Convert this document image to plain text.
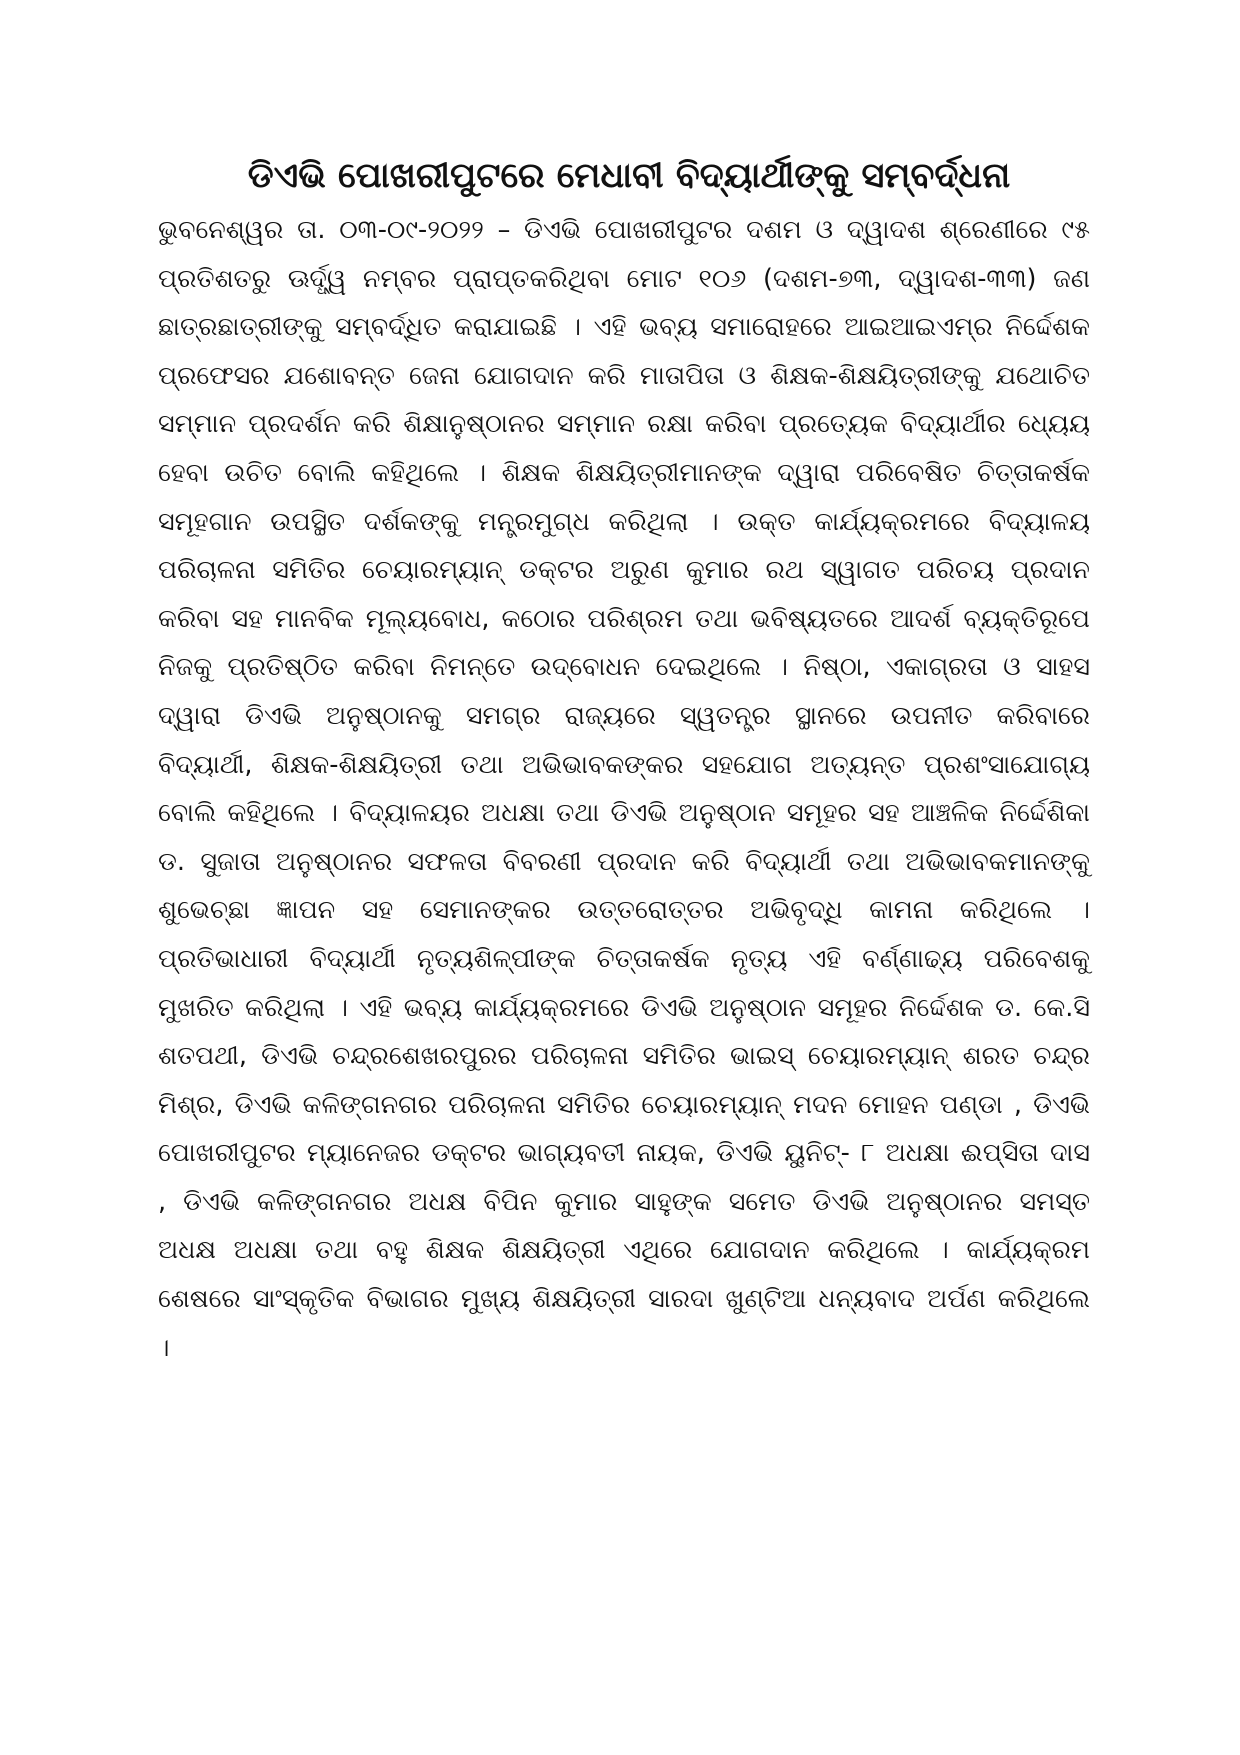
ଡିଏଭି ପୋଖରୀପୁଟରେ ମେଧାବୀ ବିଦ୍ୟାର୍ଥୀଙ୍କୁ ସମ୍ବର୍ଦ୍ଧନା

ଭୁବନେଶ୍ୱର ତା. ୦୩-୦୯-୨୦୨୨ – ଡିଏଭି ପୋଖରୀପୁଟର ଦଶମ ଓ ଦ୍ୱାଦଶ ଶ୍ରେଣୀରେ ୯୫ ପ୍ରତିଶତରୁ ଊର୍ଦ୍ଧ୍ୱ ନମ୍ବର ପ୍ରାପ୍ତକରିଥିବା ମୋଟ ୧୦୬ (ଦଶମ-୭୩, ଦ୍ୱାଦଶ-୩୩) ଜଣ ଛାତ୍ରଛାତ୍ରୀଙ୍କୁ ସମ୍ବର୍ଦ୍ଧିତ କରାଯାଇଛି । ଏହି ଭବ୍ୟ ସମାରୋହରେ ଆଇଆଇଏମ୍‌ର ନିର୍ଦ୍ଦେଶକ ପ୍ରଫେସର ଯଶୋବନ୍ତ ଜେନା ଯୋଗଦାନ କରି ମାତାପିତା ଓ ଶିକ୍ଷକ-ଶିକ୍ଷୟିତ୍ରୀଙ୍କୁ ଯଥୋଚିତ ସମ୍ମାନ ପ୍ରଦର୍ଶନ କରି ଶିକ୍ଷାନୁଷ୍ଠାନର ସମ୍ମାନ ରକ୍ଷା କରିବା ପ୍ରତ୍ୟେକ ବିଦ୍ୟାର୍ଥୀର ଧ୍ୟେୟ ହେବା ଉଚିତ ବୋଲି କହିଥିଲେ । ଶିକ୍ଷକ ଶିକ୍ଷୟିତ୍ରୀମାନଙ୍କ ଦ୍ୱାରା ପରିବେଷିତ ଚିତ୍ତାକର୍ଷକ ସମୂହଗାନ ଉପସ୍ଥିତ ଦର୍ଶକଙ୍କୁ ମନ୍ତ୍ରମୁଗ୍ଧ କରିଥିଲା । ଉକ୍ତ କାର୍ଯ୍ୟକ୍ରମରେ ବିଦ୍ୟାଳୟ ପରିଚାଳନା ସମିତିର ଚେୟାରମ୍ୟାନ୍ ଡକ୍ଟର ଅରୁଣ କୁମାର ରଥ ସ୍ୱାଗତ ପରିଚୟ ପ୍ରଦାନ କରିବା ସହ ମାନବିକ ମୂଲ୍ୟବୋଧ, କଠୋର ପରିଶ୍ରମ ତଥା ଭବିଷ୍ୟତରେ ଆଦର୍ଶ ବ୍ୟକ୍ତିରୂପେ ନିଜକୁ ପ୍ରତିଷ୍ଠିତ କରିବା ନିମନ୍ତେ ଉଦ୍‌ବୋଧନ ଦେଇଥିଲେ । ନିଷ୍ଠା, ଏକାଗ୍ରତା ଓ ସାହସ ଦ୍ୱାରା ଡିଏଭି ଅନୁଷ୍ଠାନକୁ ସମଗ୍ର ରାଜ୍ୟରେ ସ୍ୱତନ୍ତ୍ର ସ୍ଥାନରେ ଉପନୀତ କରିବାରେ ବିଦ୍ୟାର୍ଥୀ, ଶିକ୍ଷକ-ଶିକ୍ଷୟିତ୍ରୀ ତଥା ଅଭିଭାବକଙ୍କର ସହଯୋଗ ଅତ୍ୟନ୍ତ ପ୍ରଶଂସାଯୋଗ୍ୟ ବୋଲି କହିଥିଲେ । ବିଦ୍ୟାଳୟର ଅଧକ୍ଷା ତଥା ଡିଏଭି ଅନୁଷ୍ଠାନ ସମୂହର ସହ ଆଞ୍ଚଳିକ ନିର୍ଦ୍ଦେଶିକା ଡ. ସୁଜାତା ଅନୁଷ୍ଠାନର ସଫଳତା ବିବରଣୀ ପ୍ରଦାନ କରି ବିଦ୍ୟାର୍ଥୀ ତଥା ଅଭିଭାବକମାନଙ୍କୁ ଶୁଭେଚ୍ଛା ଜ୍ଞାପନ ସହ ସେମାନଙ୍କର ଉତ୍ତରୋତ୍ତର ଅଭିବୃଦ୍ଧି କାମନା କରିଥିଲେ । ପ୍ରତିଭାଧାରୀ ବିଦ୍ୟାର୍ଥୀ ନୃତ୍ୟଶିଳ୍ପୀଙ୍କ ଚିତ୍ତାକର୍ଷକ ନୃତ୍ୟ ଏହି ବର୍ଣ୍ଣାଢ୍ୟ ପରିବେଶକୁ ମୁଖରିତ କରିଥିଲା । ଏହି ଭବ୍ୟ କାର୍ଯ୍ୟକ୍ରମରେ ଡିଏଭି ଅନୁଷ୍ଠାନ ସମୂହର ନିର୍ଦ୍ଦେଶକ ଡ. କେ.ସି ଶତପଥୀ, ଡିଏଭି ଚନ୍ଦ୍ରଶେଖରପୁରର ପରିଚାଳନା ସମିତିର ଭାଇସ୍ ଚେୟାରମ୍ୟାନ୍ ଶରତ ଚନ୍ଦ୍ର ମିଶ୍ର, ଡିଏଭି କଳିଙ୍ଗନଗର ପରିଚାଳନା ସମିତିର ଚେୟାରମ୍ୟାନ୍ ମଦନ ମୋହନ ପଣ୍ଡା , ଡିଏଭି ପୋଖରୀପୁଟର ମ୍ୟାନେଜର ଡକ୍ଟର ଭାଗ୍ୟବତୀ ନାୟକ, ଡିଏଭି ୟୁନିଟ୍- ୮ ଅଧକ୍ଷା ଈପ୍‌ସିତା ଦାସ , ଡିଏଭି କଳିଙ୍ଗନଗର ଅଧକ୍ଷ ବିପିନ କୁମାର ସାହୁଙ୍କ ସମେତ ଡିଏଭି ଅନୁଷ୍ଠାନର ସମସ୍ତ ଅଧକ୍ଷ ଅଧକ୍ଷା ତଥା ବହୁ ଶିକ୍ଷକ ଶିକ୍ଷୟିତ୍ରୀ ଏଥିରେ ଯୋଗଦାନ କରିଥିଲେ । କାର୍ଯ୍ୟକ୍ରମ ଶେଷରେ ସାଂସ୍କୃତିକ ବିଭାଗର ମୁଖ୍ୟ ଶିକ୍ଷୟିତ୍ରୀ ସାରଦା ଖୁଣ୍ଟିଆ ଧନ୍ୟବାଦ ଅର୍ପଣ କରିଥିଲେ ।
